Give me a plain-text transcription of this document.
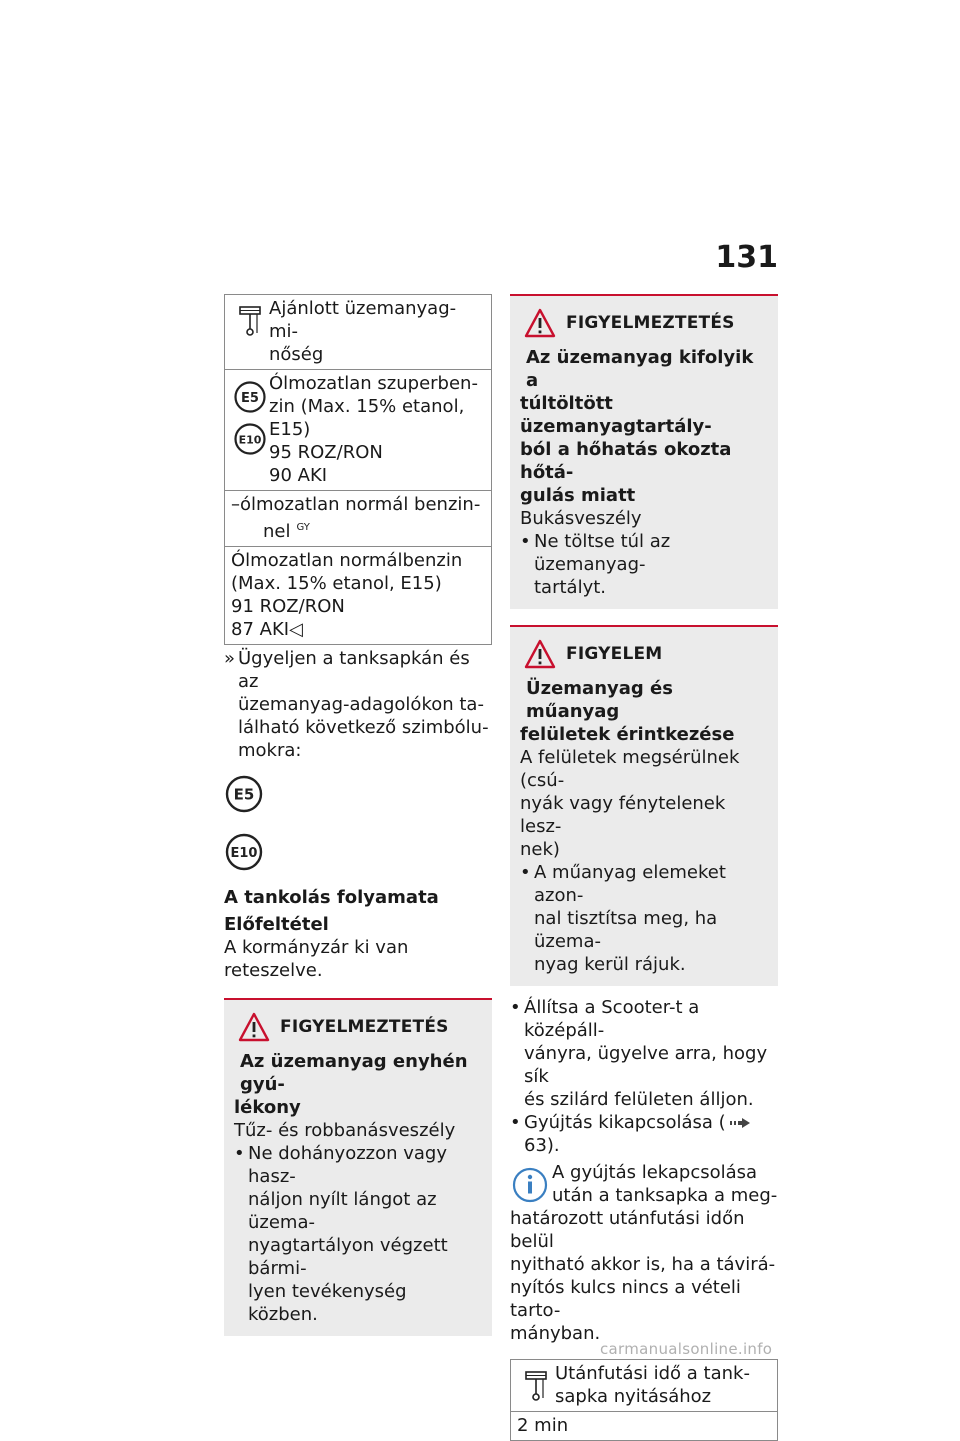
131
Ajánlott üzemanyag-mi-
nőség

E5
E10
Ólmozatlan szuperben-
zin (Max. 15% etanol,
E15)
95 ROZ/RON
90 AKI

–ólmozatlan normál benzin-
nel $^{GY}$

Ólmozatlan normálbenzin
(Max. 15% etanol, E15)
91 ROZ/RON
87 AKI◁
» Ügyeljen a tanksapkán és az
üzemanyag-adagolókon ta-
lálható következő szimbólu-
mokra:
E5
E10
A tankolás folyamata
Előfeltétel
A kormányzár ki van reteszelve.
FIGYELMEZTETÉS
Az üzemanyag enyhén gyú-
lékony
Tűz- és robbanásveszély
• Ne dohányozzon vagy hasz-
náljon nyílt lángot az üzema-
nyagtartályon végzett bármi-
lyen tevékenység közben.
FIGYELMEZTETÉS
Az üzemanyag kifolyik a
túltöltött üzemanyagtartály-
ból a hőhatás okozta hőtá-
gulás miatt
Bukásveszély
• Ne töltse túl az üzemanyag-
tartályt.
FIGYELEM
Üzemanyag és műanyag
felületek érintkezése
A felületek megsérülnek (csú-
nyák vagy fénytelenek lesz-
nek)
• A műanyag elemeket azon-
nal tisztítsa meg, ha üzema-
nyag kerül rájuk.
• Állítsa a Scooter-t a középáll-
ványra, ügyelve arra, hogy sík
és szilárd felületen álljon.
• Gyújtás kikapcsolása (63).
A gyújtás lekapcsolása
után a tanksapka a meg-
határozott utánfutási időn belül
nyitható akkor is, ha a távirá-
nyítós kulcs nincs a vételi tarto-
mányban.
Utánfutási idő a tank-
sapka nyitásához

2 min
carmanualsonline.info
